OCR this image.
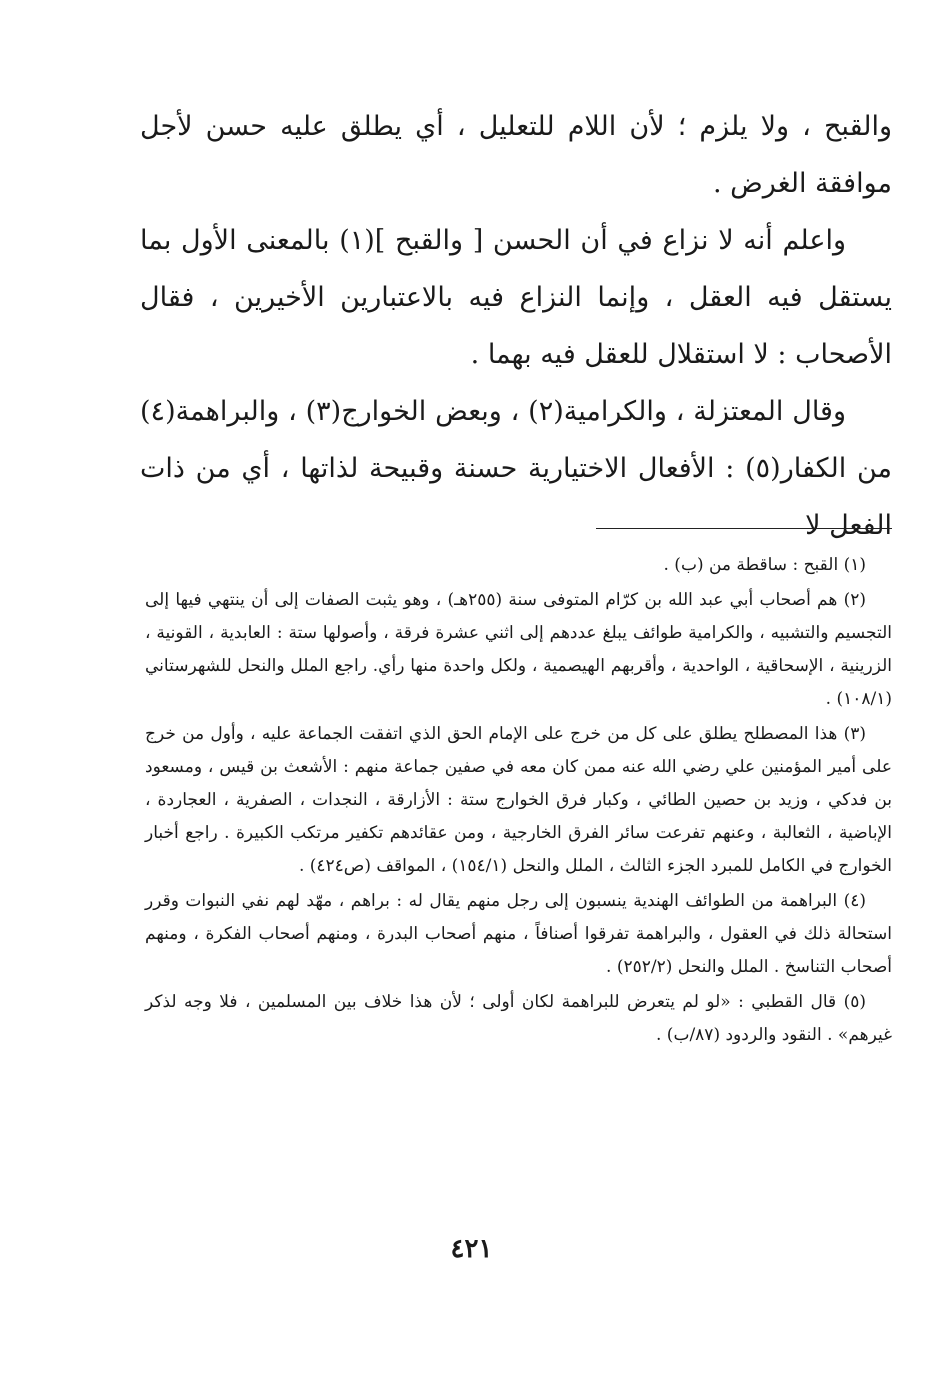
والقبح ، ولا يلزم ؛ لأن اللام للتعليل ، أي يطلق عليه حسن لأجل موافقة الغرض .

واعلم أنه لا نزاع في أن الحسن [ والقبح ](١) بالمعنى الأول بما يستقل فيه العقل ، وإنما النزاع فيه بالاعتبارين الأخيرين ، فقال الأصحاب : لا استقلال للعقل فيه بهما .

وقال المعتزلة ، والكرامية(٢) ، وبعض الخوارج(٣) ، والبراهمة(٤) من الكفار(٥) : الأفعال الاختيارية حسنة وقبيحة لذاتها ، أي من ذات الفعل لا

(١) القبح : ساقطة من (ب) .

(٢) هم أصحاب أبي عبد الله بن كرّام المتوفى سنة (٢٥٥هـ) ، وهو يثبت الصفات إلى أن ينتهي فيها إلى التجسيم والتشبيه ، والكرامية طوائف يبلغ عددهم إلى اثني عشرة فرقة ، وأصولها ستة : العابدية ، القونية ، الزرينية ، الإسحاقية ، الواحدية ، وأقربهم الهيصمية ، ولكل واحدة منها رأي. راجع الملل والنحل للشهرستاني (١٠٨/١) .

(٣) هذا المصطلح يطلق على كل من خرج على الإمام الحق الذي اتفقت الجماعة عليه ، وأول من خرج على أمير المؤمنين علي رضي الله عنه ممن كان معه في صفين جماعة منهم : الأشعث بن قيس ، ومسعود بن فدكي ، وزيد بن حصين الطائي ، وكبار فرق الخوارج ستة : الأزارقة ، النجدات ، الصفرية ، العجاردة ، الإباضية ، الثعالبة ، وعنهم تفرعت سائر الفرق الخارجية ، ومن عقائدهم تكفير مرتكب الكبيرة . راجع أخبار الخوارج في الكامل للمبرد الجزء الثالث ، الملل والنحل (١٥٤/١) ، المواقف (ص٤٢٤) .

(٤) البراهمة من الطوائف الهندية ينسبون إلى رجل منهم يقال له : براهم ، مهّد لهم نفي النبوات وقرر استحالة ذلك في العقول ، والبراهمة تفرقوا أصنافاً ، منهم أصحاب البدرة ، ومنهم أصحاب الفكرة ، ومنهم أصحاب التناسخ . الملل والنحل (٢٥٢/٢) .

(٥) قال القطبي : «لو لم يتعرض للبراهمة لكان أولى ؛ لأن هذا خلاف بين المسلمين ، فلا وجه لذكر غيرهم» . النقود والردود (٨٧/ب) .

٤٢١
